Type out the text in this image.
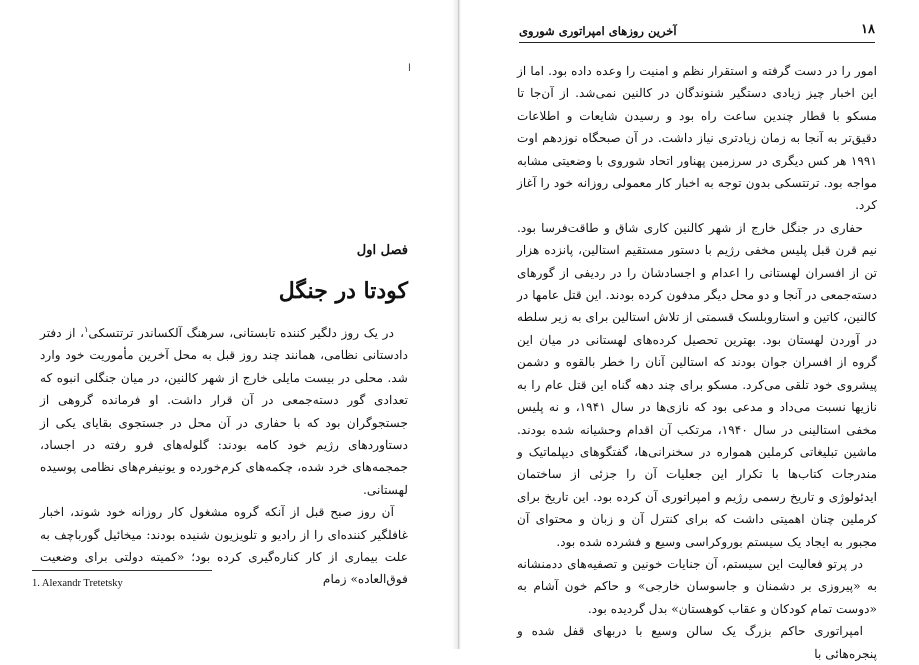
ا
فصل اول
کودتا در جنگل

در یک روز دلگیر کننده تابستانی، سرهنگ آلکساندر ترتتسکی$^۱$، از دفتر دادستانی نظامی، همانند چند روز قبل به محل آخرین مأموریت خود وارد شد. محلی در بیست مایلی خارج از شهر کالنین، در میان جنگلی انبوه که تعدادی گور دسته‌جمعی در آن قرار داشت. او فرمانده گروهی از جستجوگران بود که با حفاری در آن محل در جستجوی بقایای یکی از دستاوردهای رژیم خود کامه بودند: گلوله‌های فرو رفته در اجساد، جمجمه‌های خرد شده، چکمه‌های کرم‌خورده و یونیفرم‌های نظامی پوسیده لهستانی.

آن روز صبح قبل از آنکه گروه مشغول کار روزانه خود شوند، اخبار غافلگیر کننده‌ای را از رادیو و تلویزیون شنیده بودند: میخائیل گورباچف به علت بیماری از کار کناره‌گیری کرده بود؛ «کمیته دولتی برای وضعیت فوق‌العاده» زمام

1. Alexandr Tretetsky
آخرین روزهای امپراتوری شوروی	۱۸

امور را در دست گرفته و استقرار نظم و امنیت را وعده داده بود. اما از این اخبار چیز زیادی دستگیر شنوندگان در کالنین نمی‌شد. از آن‌جا تا مسکو با قطار چندین ساعت راه بود و رسیدن شایعات و اطلاعات دقیق‌تر به آنجا به زمان زیادتری نیاز داشت. در آن صبحگاه نوزدهم اوت ۱۹۹۱ هر کس دیگری در سرزمین پهناور اتحاد شوروی با وضعیتی مشابه مواجه بود. ترتتسکی بدون توجه به اخبار کار معمولی روزانه خود را آغاز کرد.

حفاری در جنگل خارج از شهر کالنین کاری شاق و طاقت‌فرسا بود. نیم قرن قبل پلیس مخفی رژیم با دستور مستقیم استالین، پانزده هزار تن از افسران لهستانی را اعدام و اجسادشان را در ردیفی از گورهای دسته‌جمعی در آنجا و دو محل دیگر مدفون کرده بودند. این قتل عامها در کالنین، کاتین و استاروبلسک قسمتی از تلاش استالین برای به زیر سلطه در آوردن لهستان بود. بهترین تحصیل کرده‌های لهستانی در میان این گروه از افسران جوان بودند که استالین آنان را خطر بالقوه و دشمن پیشروی خود تلقی می‌کرد. مسکو برای چند دهه گناه این قتل عام را به نازیها نسبت می‌داد و مدعی بود که نازی‌ها در سال ۱۹۴۱، و نه پلیس مخفی استالینی در سال ۱۹۴۰، مرتکب آن اقدام وحشیانه شده بودند. ماشین تبلیغاتی کرملین همواره در سخنرانی‌ها، گفتگوهای دیپلماتیک و مندرجات کتاب‌ها با تکرار این جعلیات آن را جزئی از ساختمان ایدئولوژی و تاریخ رسمی رژیم و امپراتوری آن کرده بود. این تاریخ برای کرملین چنان اهمیتی داشت که برای کنترل آن و زبان و محتوای آن مجبور به ایجاد یک سیستم بوروکراسی وسیع و فشرده شده بود.

در پرتو فعالیت این سیستم، آن جنایات خونین و تصفیه‌های ددمنشانه به «پیروزی بر دشمنان و جاسوسان خارجی» و حاکم خون آشام به «دوست تمام کودکان و عقاب کوهستان» بدل گردیده بود.

امپراتوری حاکم بزرگ یک سالن وسیع با دربهای قفل شده و پنجره‌هائی با
